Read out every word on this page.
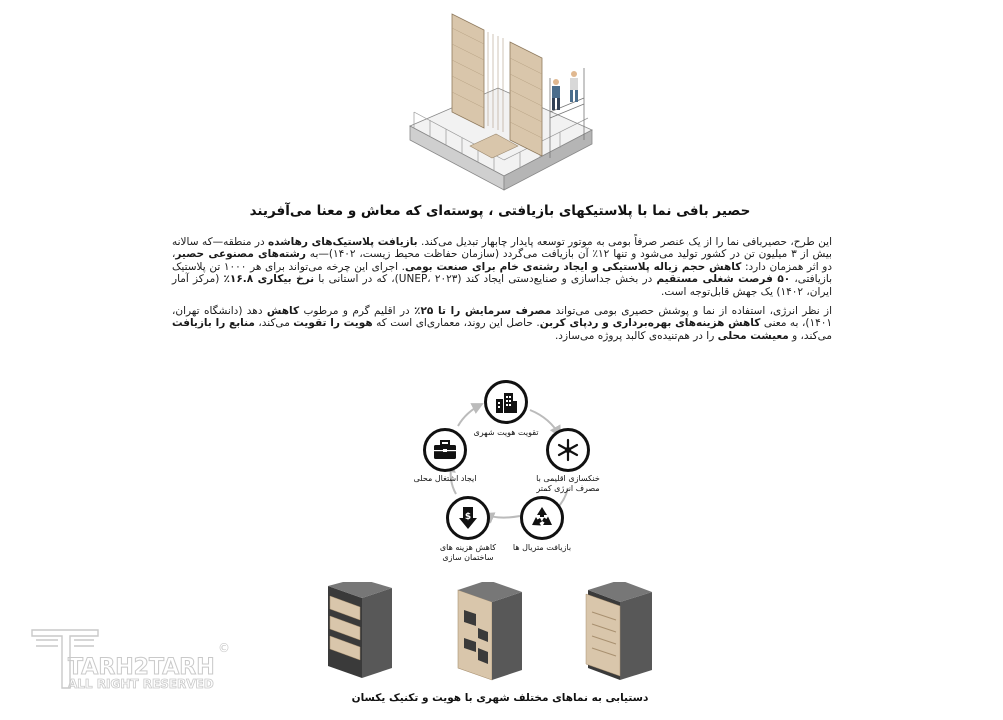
حصیر بافی نما با پلاستیکهای بازیافتی ، پوسته‌ای که معاش و معنا می‌آفریند
این طرح، حصیربافی نما را از یک عنصر صرفاً بومی به موتور توسعه پایدار چابهار تبدیل می‌کند. بازیافت پلاستیک‌های رهاشده در منطقه—که سالانه بیش از ۳ میلیون تن در کشور تولید می‌شود و تنها ۱۲٪ آن بازیافت می‌گردد (سازمان حفاظت محیط زیست، ۱۴۰۲)—به رشته‌های مصنوعی حصیر، دو اثر همزمان دارد: کاهش حجم زباله پلاستیکی و ایجاد رشته‌ی خام برای صنعت بومی. اجرای این چرخه می‌تواند برای هر ۱۰۰۰ تن پلاستیک بازیافتی، ۵۰ فرصت شغلی مستقیم در بخش جداسازی و صنایع‌دستی ایجاد کند (UNEP، ۲۰۲۳)، که در استانی با نرخ بیکاری ۱۶.۸٪ (مرکز آمار ایران، ۱۴۰۲) یک جهش قابل‌توجه است.
از نظر انرژی، استفاده از نما و پوشش حصیری بومی می‌تواند مصرف سرمایش را تا ۲۵٪ در اقلیم گرم و مرطوب کاهش دهد (دانشگاه تهران، ۱۴۰۱)، به معنی کاهش هزینه‌های بهره‌برداری و ردپای کربن. حاصل این روند، معماری‌ای است که هویت را تقویت می‌کند، منابع را بازیافت می‌کند، و معیشت محلی را در هم‌تنیده‌ی کالبد پروژه می‌سازد.
تقویت هویت شهری
خنکسازی اقلیمی با
مصرف انرژی کمتر
بازیافت متریال ها
$
کاهش هزینه های
ساختمان سازی
ایجاد اشتغال محلی
دستیابی به نماهای مختلف شهری با هویت و تکنیک یکسان
TARH2TARH
ALL RIGHT RESERVED
©
